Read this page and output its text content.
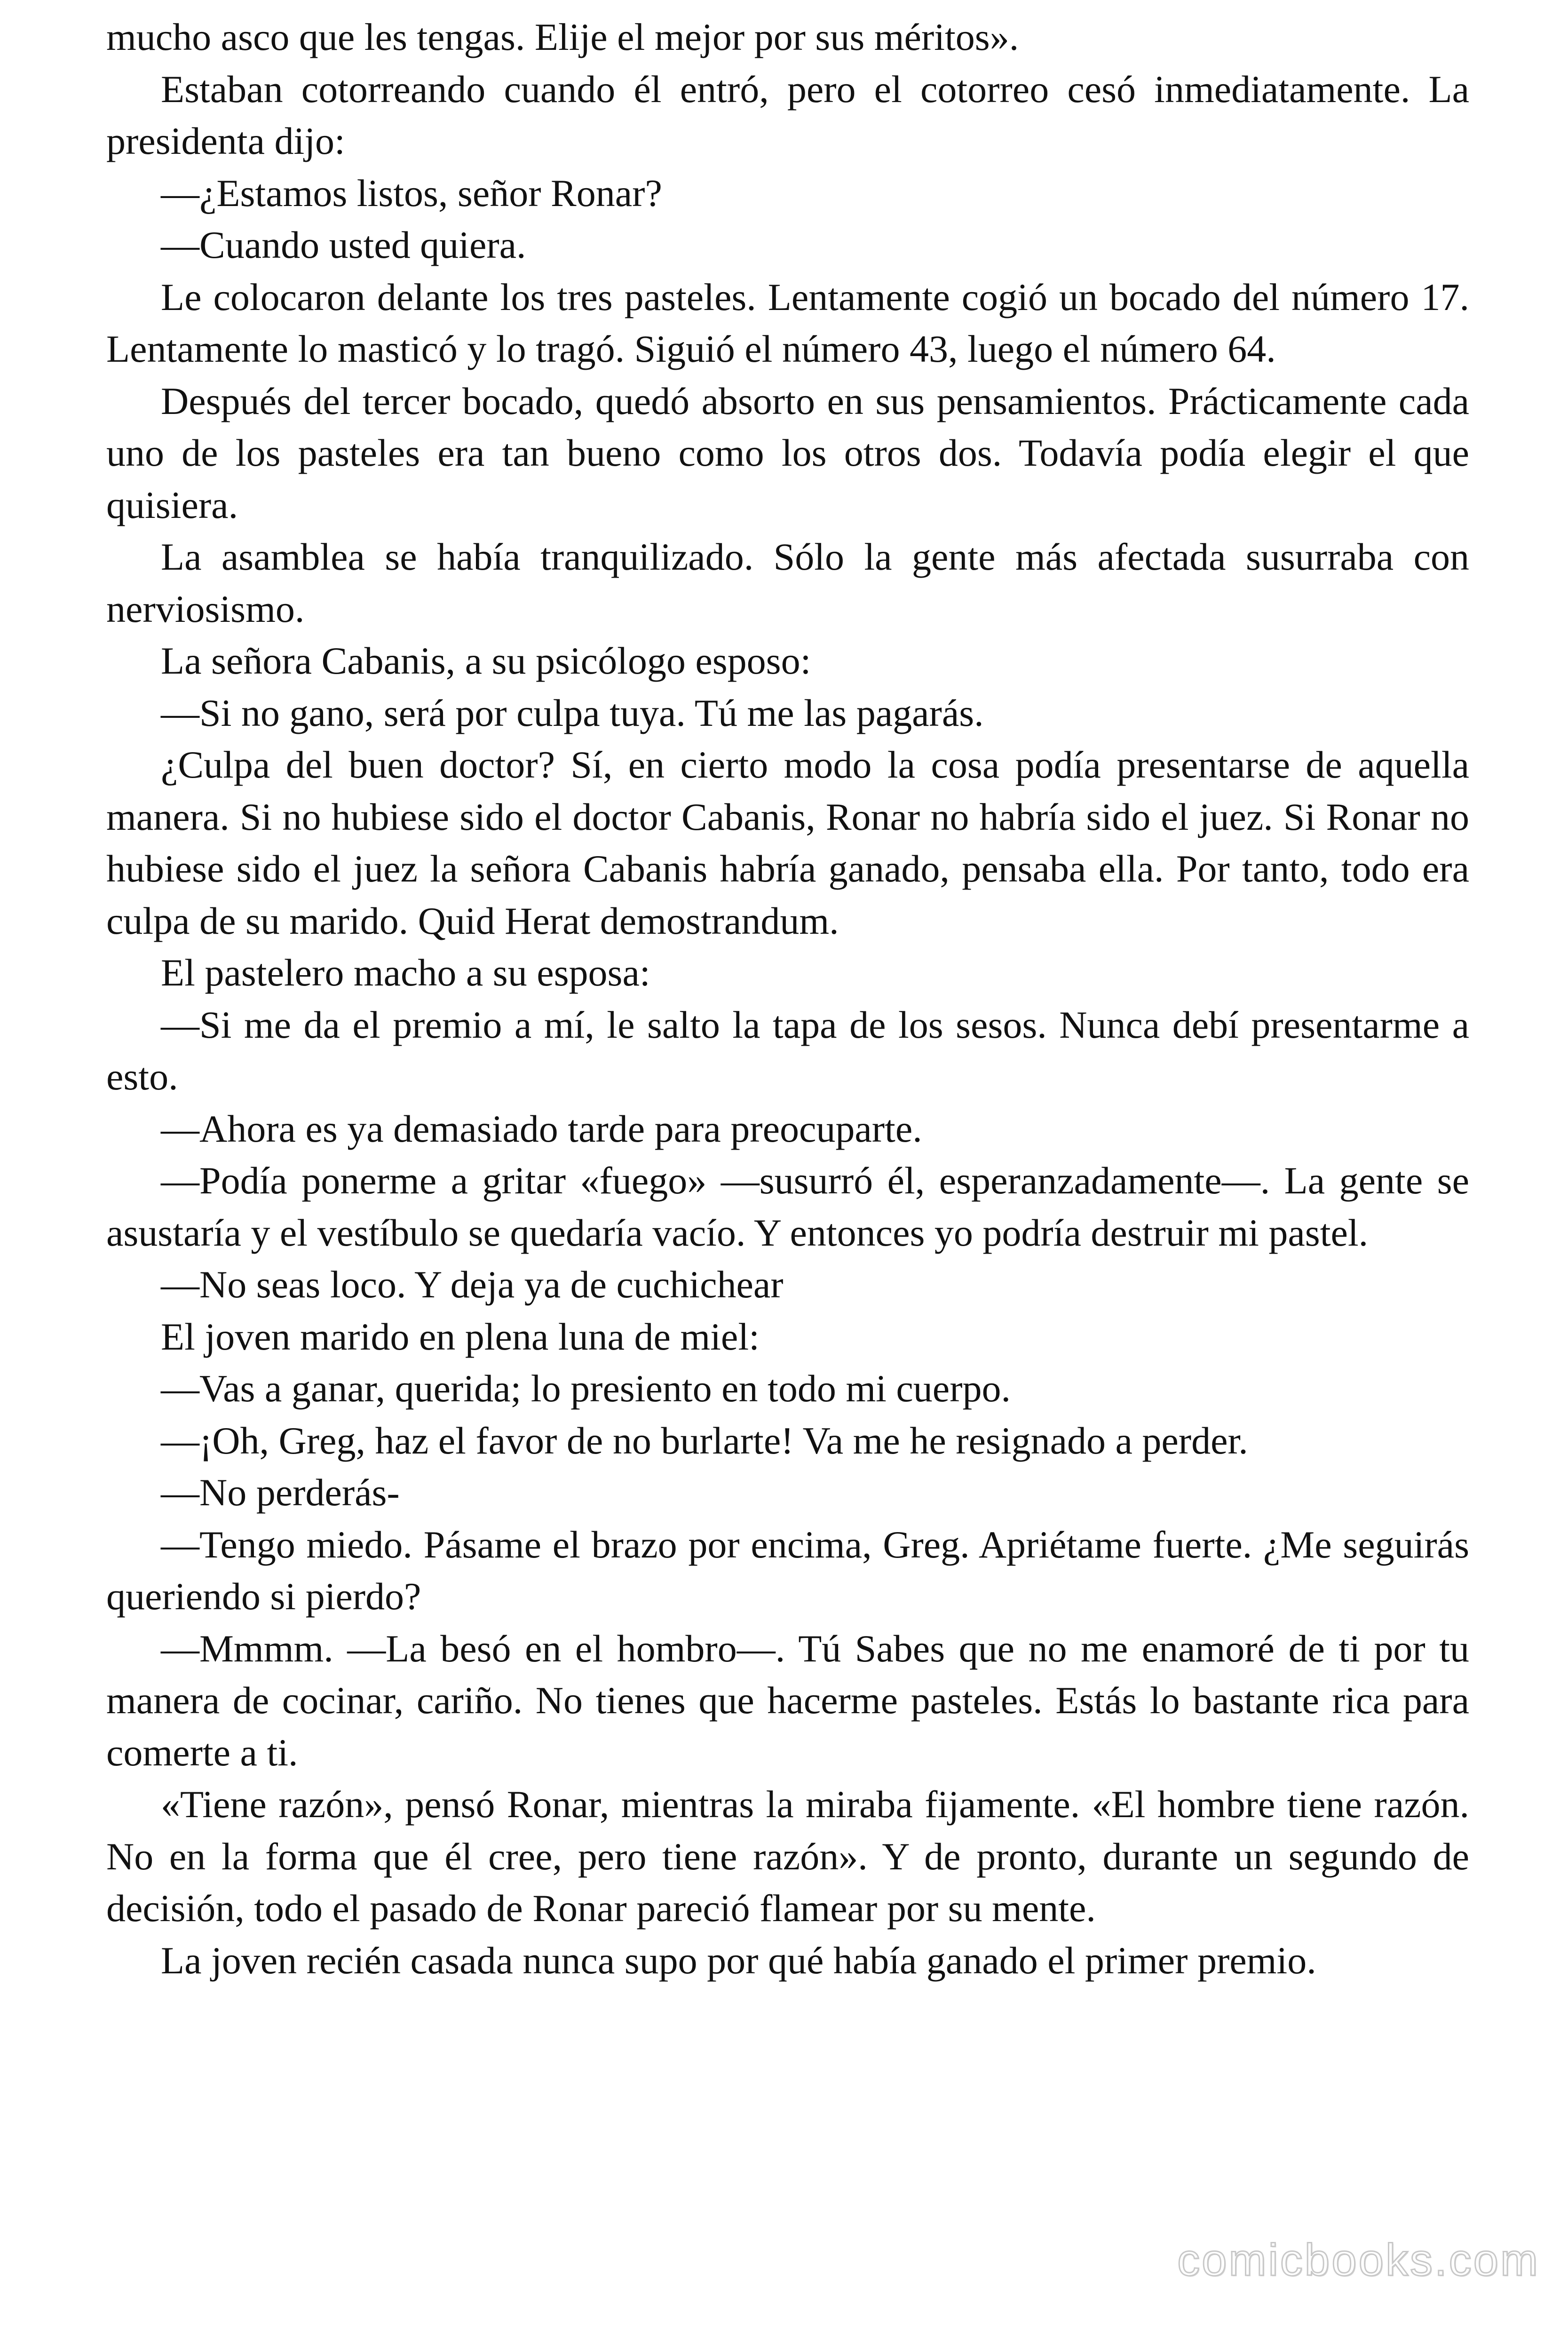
mucho asco que les tengas. Elije el mejor por sus méritos».

Estaban cotorreando cuando él entró, pero el cotorreo cesó inmediatamente. La presidenta dijo:

—¿Estamos listos, señor Ronar?

—Cuando usted quiera.

Le colocaron delante los tres pasteles. Lentamente cogió un bocado del número 17. Lentamente lo masticó y lo tragó. Siguió el número 43, luego el número 64.

Después del tercer bocado, quedó absorto en sus pensamientos. Prácticamente cada uno de los pasteles era tan bueno como los otros dos. Todavía podía elegir el que quisiera.

La asamblea se había tranquilizado. Sólo la gente más afectada susurraba con nerviosismo.

La señora Cabanis, a su psicólogo esposo:

—Si no gano, será por culpa tuya. Tú me las pagarás.

¿Culpa del buen doctor? Sí, en cierto modo la cosa podía presentarse de aquella manera. Si no hubiese sido el doctor Cabanis, Ronar no habría sido el juez. Si Ronar no hubiese sido el juez la señora Cabanis habría ganado, pensaba ella. Por tanto, todo era culpa de su marido. Quid Herat demostrandum.

El pastelero macho a su esposa:

—Si me da el premio a mí, le salto la tapa de los sesos. Nunca debí presentarme a esto.

—Ahora es ya demasiado tarde para preocuparte.

—Podía ponerme a gritar «fuego» —susurró él, esperanzadamente—. La gente se asustaría y el vestíbulo se quedaría vacío. Y entonces yo podría destruir mi pastel.

—No seas loco. Y deja ya de cuchichear

El joven marido en plena luna de miel:

—Vas a ganar, querida; lo presiento en todo mi cuerpo.

—¡Oh, Greg, haz el favor de no burlarte! Va me he resignado a perder.

—No perderás-

—Tengo miedo. Pásame el brazo por encima, Greg. Apriétame fuerte. ¿Me seguirás queriendo si pierdo?

—Mmmm. —La besó en el hombro—. Tú Sabes que no me enamoré de ti por tu manera de cocinar, cariño. No tienes que hacerme pasteles. Estás lo bastante rica para comerte a ti.

«Tiene razón», pensó Ronar, mientras la miraba fijamente. «El hombre tiene razón. No en la forma que él cree, pero tiene razón». Y de pronto, durante un segundo de decisión, todo el pasado de Ronar pareció flamear por su mente.

La joven recién casada nunca supo por qué había ganado el primer premio.

comicbooks.com
